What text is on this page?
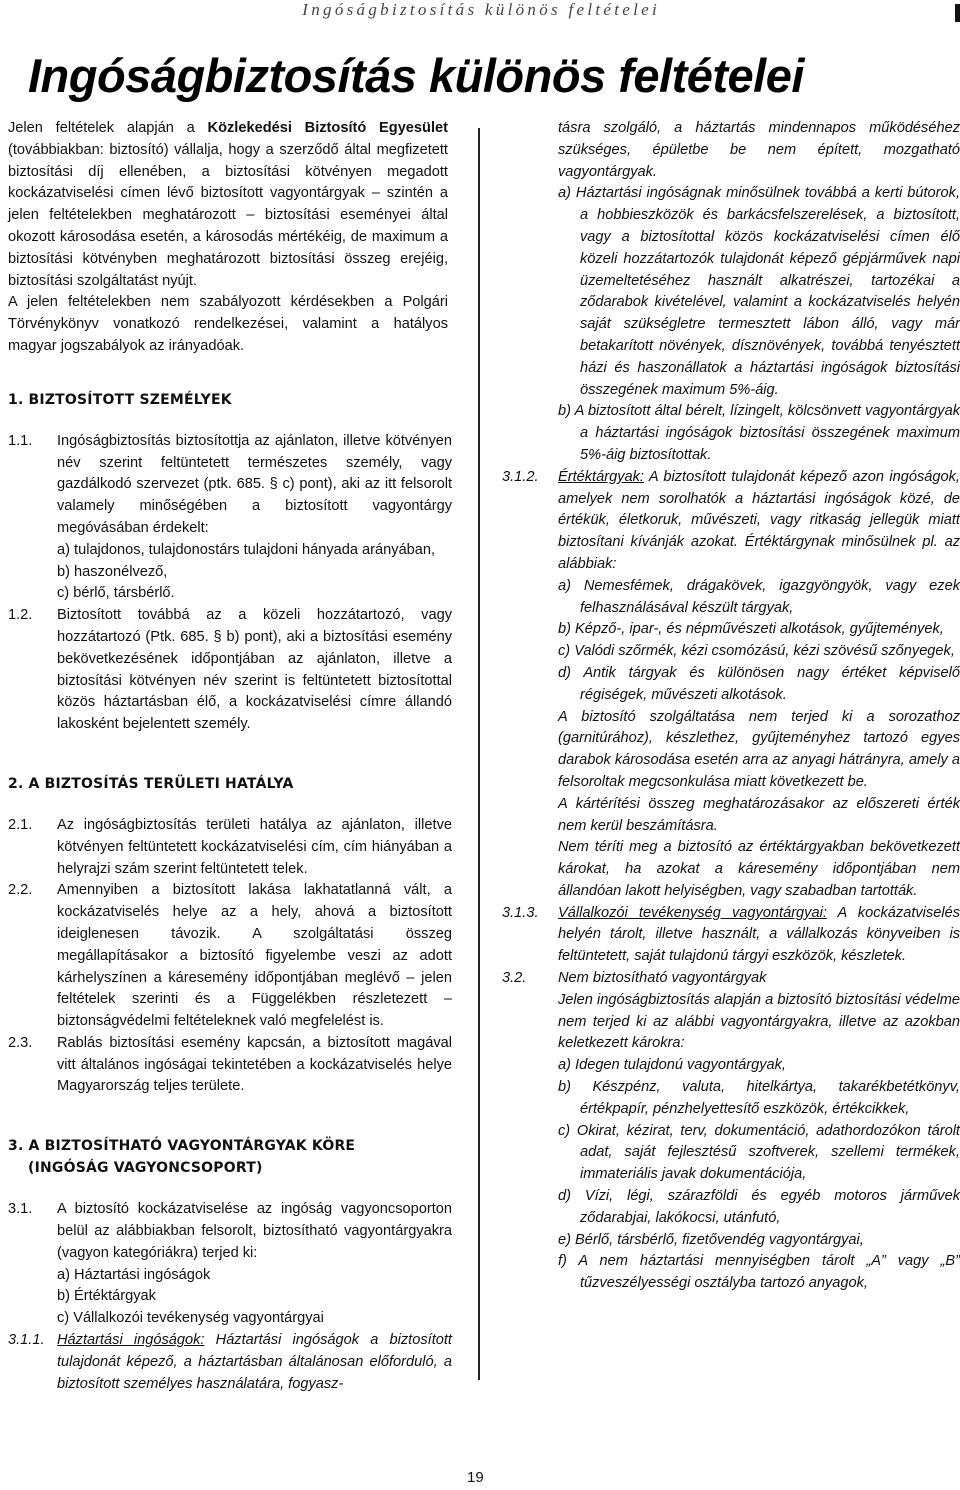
Ingóságbiztosítás különös feltételei
Ingóságbiztosítás különös feltételei

Jelen feltételek alapján a Közlekedési Biztosító Egyesület (továbbiakban: biztosító) vállalja, hogy a szerződő által megfizetett biztosítási díj ellenében, a biztosítási kötvényen megadott kockázatviselési címen lévő biztosított vagyontárgyak – szintén a jelen feltételekben meghatározott – biztosítási eseményei által okozott károsodása esetén, a károsodás mértékéig, de maximum a biztosítási kötvényben meghatározott biztosítási összeg erejéig, biztosítási szolgáltatást nyújt.

A jelen feltételekben nem szabályozott kérdésekben a Polgári Törvénykönyv vonatkozó rendelkezései, valamint a hatályos magyar jogszabályok az irányadóak.

1. BIZTOSÍTOTT SZEMÉLYEK
1.1.	Ingóságbiztosítás biztosítottja az ajánlaton, illetve kötvényen név szerint feltüntetett természetes személy, vagy gazdálkodó szervezet (ptk. 685. § c) pont), aki az itt felsorolt valamely minőségében a biztosított vagyontárgy megóvásában érdekelt:

a) tulajdonos, tulajdonostárs tulajdoni hányada arányában,

b) haszonélvező,

c) bérlő, társbérlő.

1.2.	Biztosított továbbá az a közeli hozzátartozó, vagy hozzátartozó (Ptk. 685. § b) pont), aki a biztosítási esemény bekövetkezésének időpontjában az ajánlaton, illetve a biztosítási kötvényen név szerint is feltüntetett biztosítottal közös háztartásban élő, a kockázatviselési címre állandó lakosként bejelentett személy.

2. A BIZTOSÍTÁS TERÜLETI HATÁLYA
2.1.	Az ingóságbiztosítás területi hatálya az ajánlaton, illetve kötvényen feltüntetett kockázatviselési cím, cím hiányában a helyrajzi szám szerint feltüntetett telek.

2.2.	Amennyiben a biztosított lakása lakhatatlanná vált, a kockázatviselés helye az a hely, ahová a biztosított ideiglenesen távozik. A szolgáltatási összeg megállapításakor a biztosító figyelembe veszi az adott kárhelyszínen a káresemény időpontjában meglévő – jelen feltételek szerinti és a Függelékben részletezett – biztonságvédelmi feltételeknek való megfelelést is.

2.3.	Rablás biztosítási esemény kapcsán, a biztosított magával vitt általános ingóságai tekintetében a kockázatviselés helye Magyarország teljes területe.

3. A BIZTOSÍTHATÓ VAGYONTÁRGYAK KÖRE
(INGÓSÁG VAGYONCSOPORT)
3.1.	A biztosító kockázatviselése az ingóság vagyoncsoporton belül az alábbiakban felsorolt, biztosítható vagyontárgyakra (vagyon kategóriákra) terjed ki:

a) Háztartási ingóságok

b) Értéktárgyak

c) Vállalkozói tevékenység vagyontárgyai

3.1.1. Háztartási ingóságok: Háztartási ingóságok a biztosított tulajdonát képező, a háztartásban általánosan előforduló, a biztosított személyes használatára, fogyasz-

tásra szolgáló, a háztartás mindennapos működéséhez szükséges, épületbe be nem épített, mozgatható vagyontárgyak.

a) Háztartási ingóságnak minősülnek továbbá a kerti bútorok, a hobbieszközök és barkácsfelszerelések, a biztosított, vagy a biztosítottal közös kockázatviselési címen élő közeli hozzátartozók tulajdonát képező gépjárművek napi üzemeltetéséhez használt alkatrészei, tartozékai a ződarabok kivételével, valamint a kockázatviselés helyén saját szükségletre termesztett lábon álló, vagy már betakarított növények, dísznövények, továbbá tenyésztett házi és haszonállatok a háztartási ingóságok biztosítási összegének maximum 5%-áig.

b) A biztosított által bérelt, lízingelt, kölcsönvett vagyontárgyak a háztartási ingóságok biztosítási összegének maximum 5%-áig biztosítottak.

3.1.2.	Értéktárgyak: A biztosított tulajdonát képező azon ingóságok, amelyek nem sorolhatók a háztartási ingóságok közé, de értékük, életkoruk, művészeti, vagy ritkaság jellegük miatt biztosítani kívánják azokat. Értéktárgynak minősülnek pl. az alábbiak:

a) Nemesfémek, drágakövek, igazgyöngyök, vagy ezek felhasználásával készült tárgyak,

b) Képző-, ipar-, és népművészeti alkotások, gyűjtemények,

c) Valódi szőrmék, kézi csomózású, kézi szövésű szőnyegek,

d) Antik tárgyak és különösen nagy értéket képviselő régiségek, művészeti alkotások.

A biztosító szolgáltatása nem terjed ki a sorozathoz (garnitúrához), készlethez, gyűjteményhez tartozó egyes darabok károsodása esetén arra az anyagi hátrányra, amely a felsoroltak megcsonkulása miatt következett be.

A kártérítési összeg meghatározásakor az előszereti érték nem kerül beszámításra.

Nem téríti meg a biztosító az értéktárgyakban bekövetkezett károkat, ha azokat a káresemény időpontjában nem állandóan lakott helyiségben, vagy szabadban tartották.

3.1.3.	Vállalkozói tevékenység vagyontárgyai: A kockázatviselés helyén tárolt, illetve használt, a vállalkozás könyveiben is feltüntetett, saját tulajdonú tárgyi eszközök, készletek.

3.2.	Nem biztosítható vagyontárgyak

Jelen ingóságbiztosítás alapján a biztosító biztosítási védelme nem terjed ki az alábbi vagyontárgyakra, illetve az azokban keletkezett károkra:

a) Idegen tulajdonú vagyontárgyak,

b) Készpénz, valuta, hitelkártya, takarékbetétkönyv, értékpapír, pénzhelyettesítő eszközök, értékcikkek,

c) Okirat, kézirat, terv, dokumentáció, adathordozókon tárolt adat, saját fejlesztésű szoftverek, szellemi termékek, immateriális javak dokumentációja,

d) Vízi, légi, szárazföldi és egyéb motoros járművek ződarabjai, lakókocsi, utánfutó,

e) Bérlő, társbérlő, fizetővendég vagyontárgyai,

f) A nem háztartási mennyiségben tárolt „A” vagy „B” tűzveszélyességi osztályba tartozó anyagok,

19
